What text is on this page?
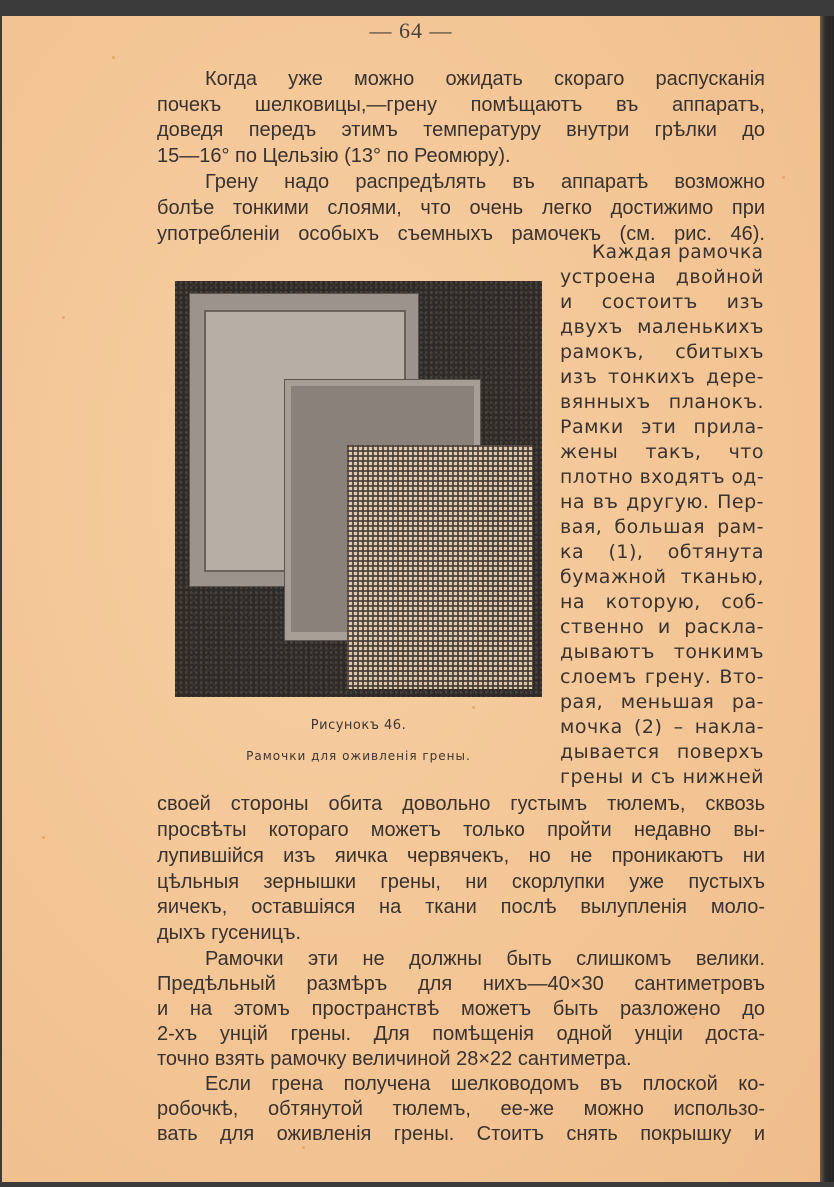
— 64 —
Когда уже можно ожидать скораго распусканія
почекъ шелковицы,—грену помѣщаютъ въ аппаратъ,
доведя передъ этимъ температуру внутри грѣлки до
15—16° по Цельзію (13° по Реомюру).
Грену надо распредѣлять въ аппаратѣ возможно
болѣе тонкими слоями, что очень легко достижимо при
употребленіи особыхъ съемныхъ рамочекъ (см. рис. 46).
Рисунокъ 46.
Рамочки для оживленія грены.
Каждая рамочка
устроена двойной
и состоитъ изъ
двухъ маленькихъ
рамокъ, сбитыхъ
изъ тонкихъ дере-
вянныхъ планокъ.
Рамки эти прила-
жены такъ, что
плотно входятъ од-
на въ другую. Пер-
вая, большая рам-
ка (1), обтянута
бумажной тканью,
на которую, соб-
ственно и раскла-
дываютъ тонкимъ
слоемъ грену. Вто-
рая, меньшая ра-
мочка (2) – накла-
дывается поверхъ
грены и съ нижней
своей стороны обита довольно густымъ тюлемъ, сквозь
просвѣты котораго можетъ только пройти недавно вы-
лупившійся изъ яичка червячекъ, но не проникаютъ ни
цѣльныя зернышки грены, ни скорлупки уже пустыхъ
яичекъ, оставшіяся на ткани послѣ вылупленія моло-
дыхъ гусеницъ.
Рамочки эти не должны быть слишкомъ велики.
Предѣльный размѣръ для нихъ—40×30 сантиметровъ
и на этомъ пространствѣ можетъ быть разложено до
2-хъ унцій грены. Для помѣщенія одной унціи доста-
точно взять рамочку величиной 28×22 сантиметра.
Если грена получена шелководомъ въ плоской ко-
робочкѣ, обтянутой тюлемъ, ее-же можно использо-
вать для оживленія грены. Стоитъ снять покрышку и
